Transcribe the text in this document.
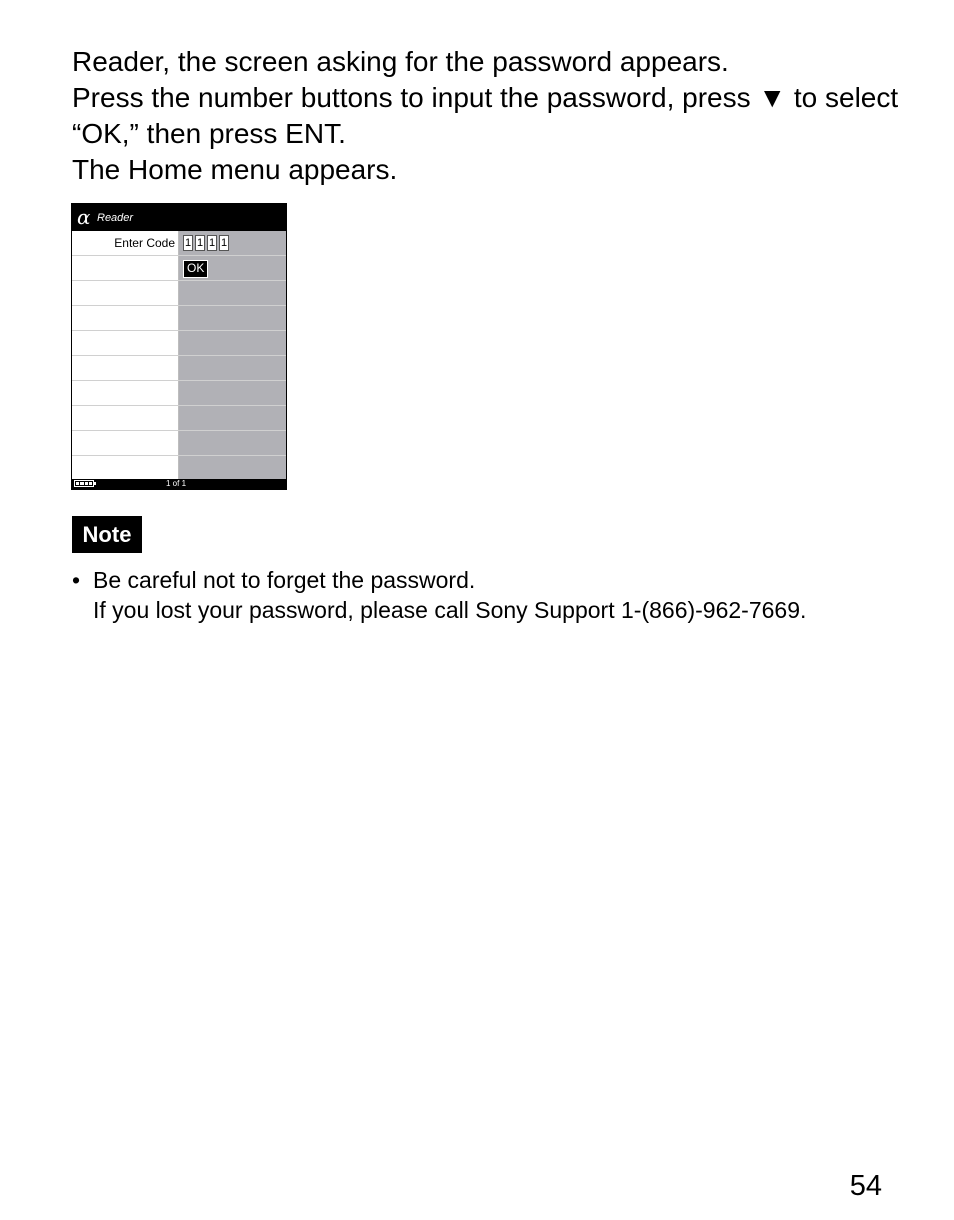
Reader, the screen asking for the password appears.

Press the number buttons to input the password, press ▼ to select “OK,” then press ENT.

The Home menu appears.

α Reader
Enter Code 1 1 1 1
OK
1 of 1
Note
• Be careful not to forget the password.

If you lost your password, please call Sony Support 1-(866)-962-7669.

54
